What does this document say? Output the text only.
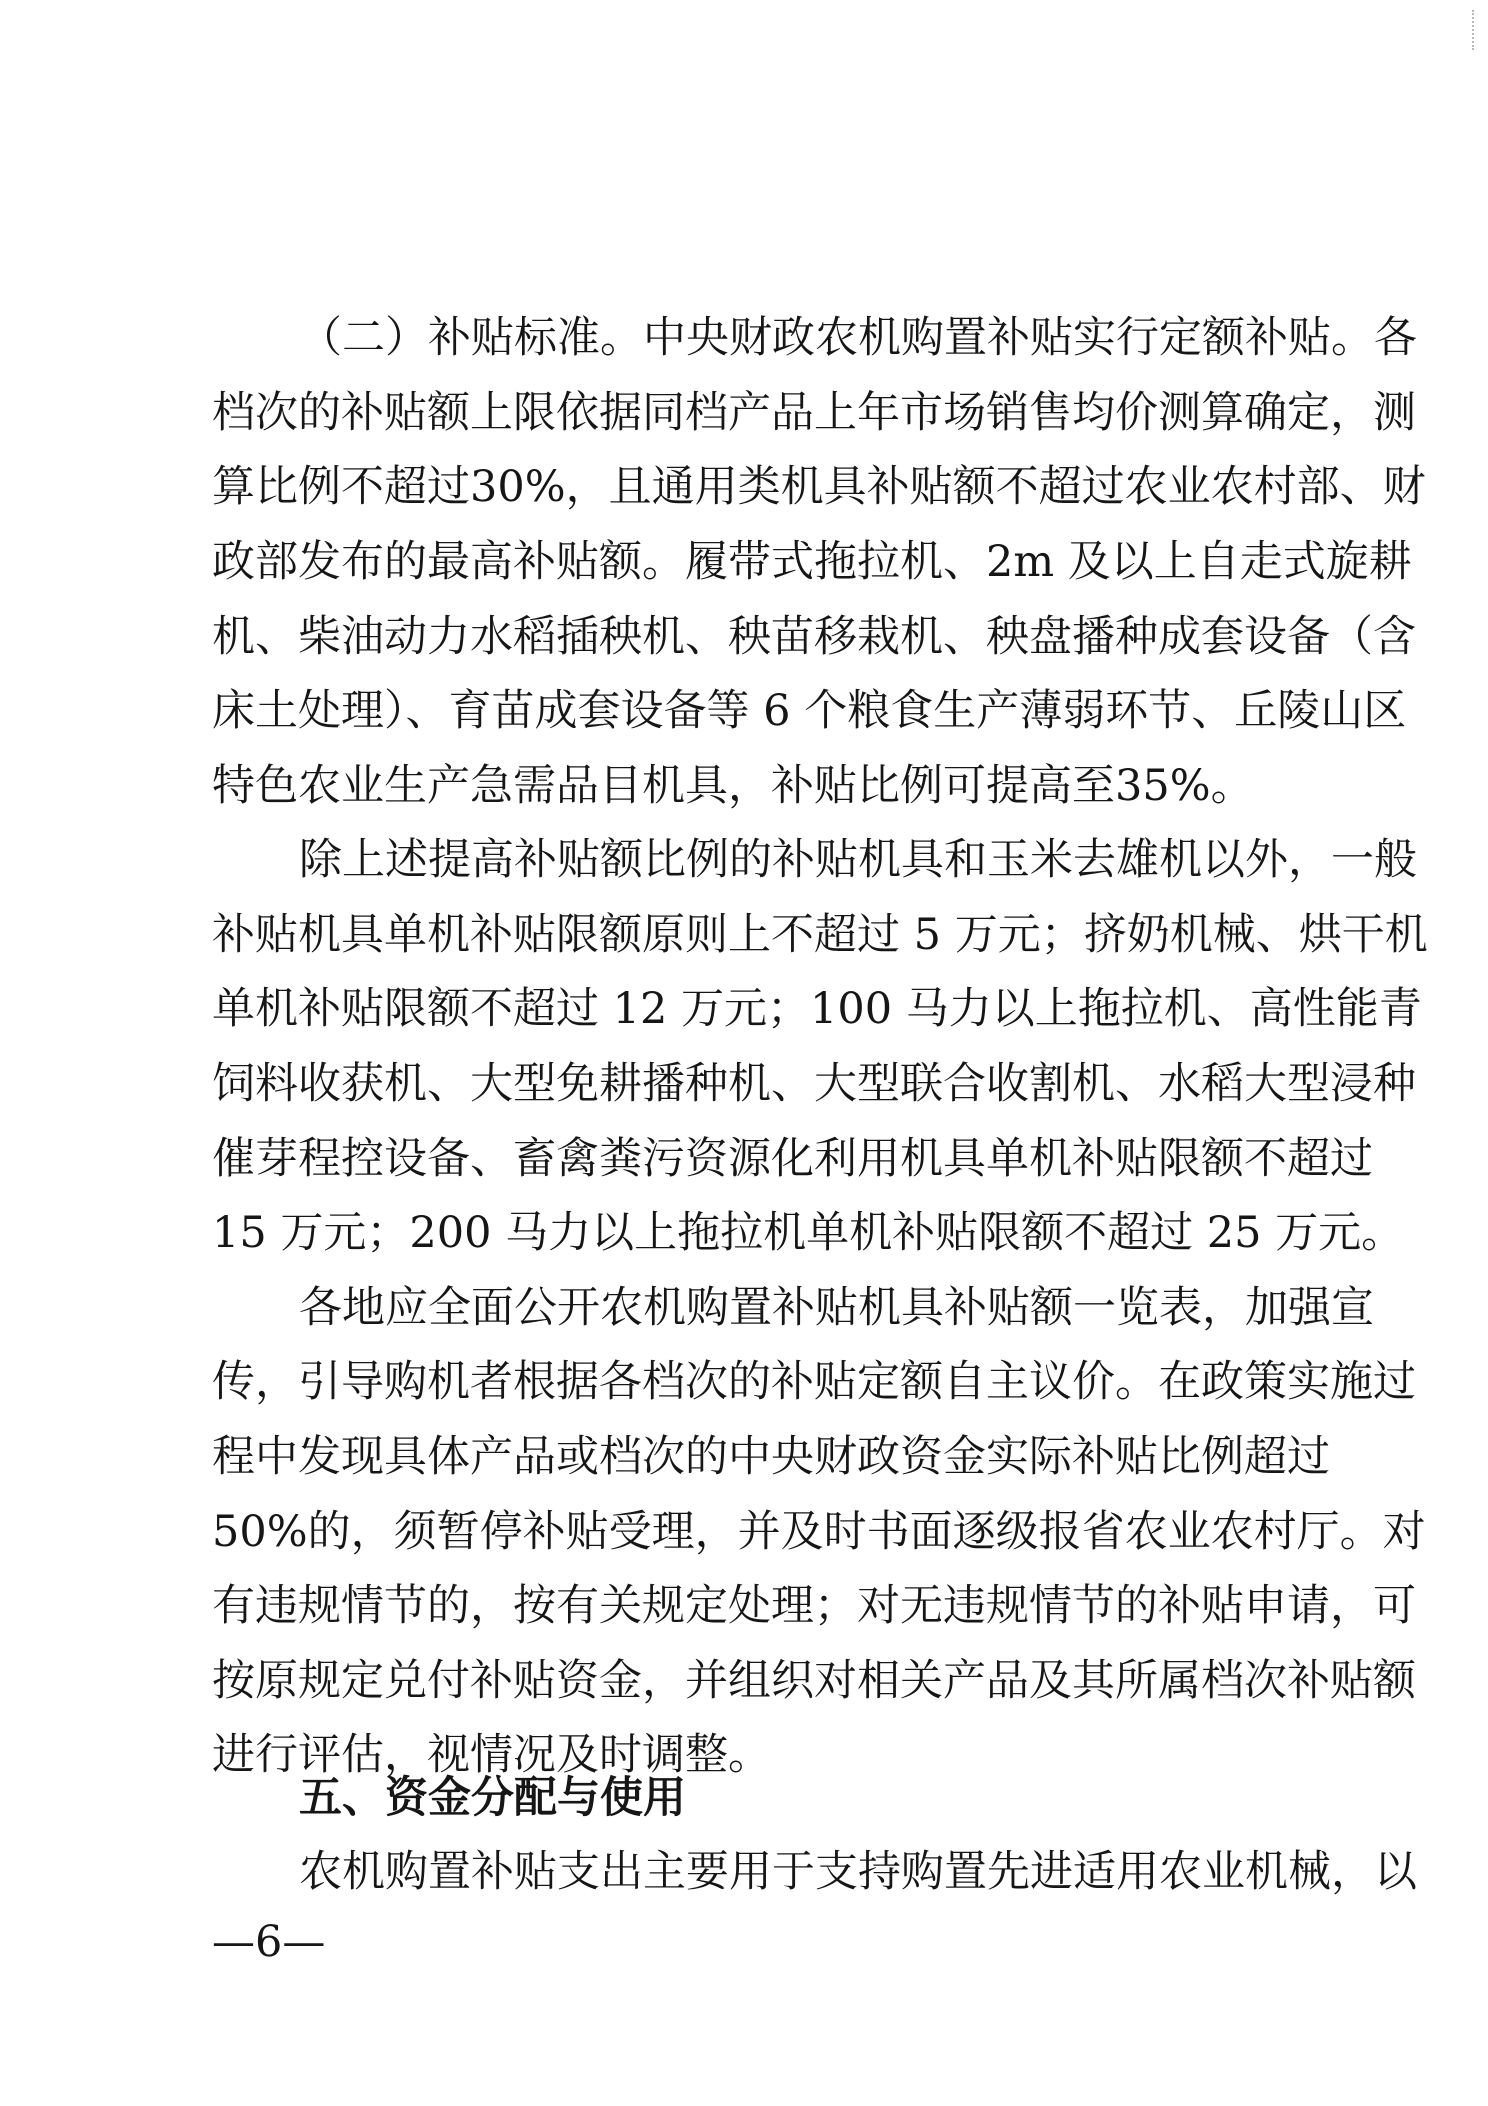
（二）补贴标准。中央财政农机购置补贴实行定额补贴。各
档次的补贴额上限依据同档产品上年市场销售均价测算确定，测
算比例不超过30%，且通用类机具补贴额不超过农业农村部、财
政部发布的最高补贴额。履带式拖拉机、2m 及以上自走式旋耕
机、柴油动力水稻插秧机、秧苗移栽机、秧盘播种成套设备（含
床土处理）、育苗成套设备等 6 个粮食生产薄弱环节、丘陵山区
特色农业生产急需品目机具，补贴比例可提高至35%。
除上述提高补贴额比例的补贴机具和玉米去雄机以外，一般
补贴机具单机补贴限额原则上不超过 5 万元；挤奶机械、烘干机
单机补贴限额不超过 12 万元；100 马力以上拖拉机、高性能青
饲料收获机、大型免耕播种机、大型联合收割机、水稻大型浸种
催芽程控设备、畜禽粪污资源化利用机具单机补贴限额不超过
15 万元；200 马力以上拖拉机单机补贴限额不超过 25 万元。
各地应全面公开农机购置补贴机具补贴额一览表，加强宣
传，引导购机者根据各档次的补贴定额自主议价。在政策实施过
程中发现具体产品或档次的中央财政资金实际补贴比例超过
50%的，须暂停补贴受理，并及时书面逐级报省农业农村厅。对
有违规情节的，按有关规定处理；对无违规情节的补贴申请，可
按原规定兑付补贴资金，并组织对相关产品及其所属档次补贴额
进行评估，视情况及时调整。
五、资金分配与使用
农机购置补贴支出主要用于支持购置先进适用农业机械，以
—6—
